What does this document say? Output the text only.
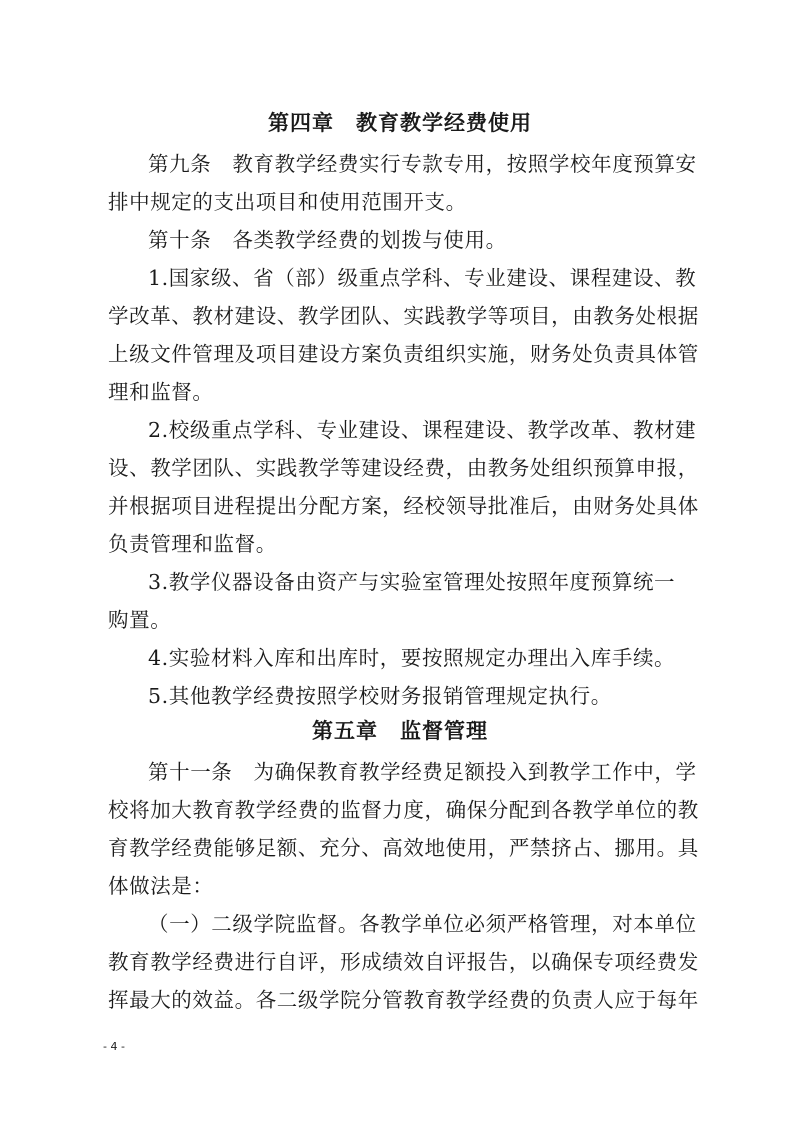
第四章　教育教学经费使用
第九条　教育教学经费实行专款专用，按照学校年度预算安
排中规定的支出项目和使用范围开支。
第十条　各类教学经费的划拨与使用。
1.国家级、省（部）级重点学科、专业建设、课程建设、教
学改革、教材建设、教学团队、实践教学等项目，由教务处根据
上级文件管理及项目建设方案负责组织实施，财务处负责具体管
理和监督。
2.校级重点学科、专业建设、课程建设、教学改革、教材建
设、教学团队、实践教学等建设经费，由教务处组织预算申报，
并根据项目进程提出分配方案，经校领导批准后，由财务处具体
负责管理和监督。
3.教学仪器设备由资产与实验室管理处按照年度预算统一
购置。
4.实验材料入库和出库时，要按照规定办理出入库手续。
5.其他教学经费按照学校财务报销管理规定执行。
第五章　监督管理
第十一条　为确保教育教学经费足额投入到教学工作中，学
校将加大教育教学经费的监督力度，确保分配到各教学单位的教
育教学经费能够足额、充分、高效地使用，严禁挤占、挪用。具
体做法是：
（一）二级学院监督。各教学单位必须严格管理，对本单位
教育教学经费进行自评，形成绩效自评报告，以确保专项经费发
挥最大的效益。各二级学院分管教育教学经费的负责人应于每年
- 4 -
